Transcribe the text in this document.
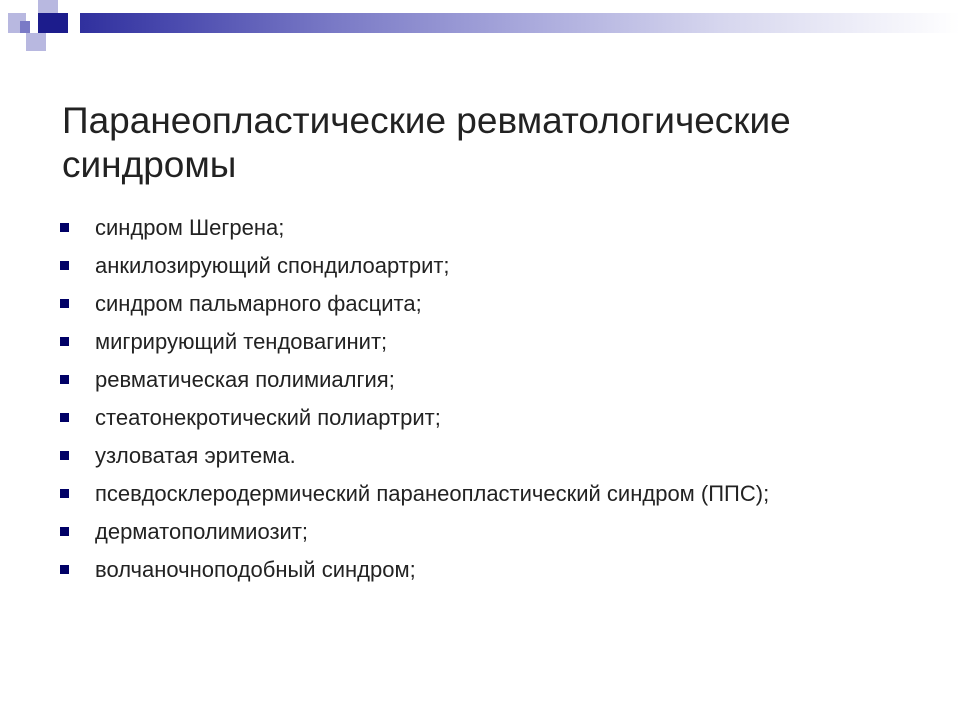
Паранеопластические ревматологические синдромы
синдром Шегрена;
анкилозирующий спондилоартрит;
синдром пальмарного фасцита;
мигрирующий тендовагинит;
ревматическая полимиалгия;
стеатонекротический полиартрит;
узловатая эритема.
псевдосклеродермический паранеопластический синдром (ППС);
дерматополимиозит;
волчаночноподобный синдром;
